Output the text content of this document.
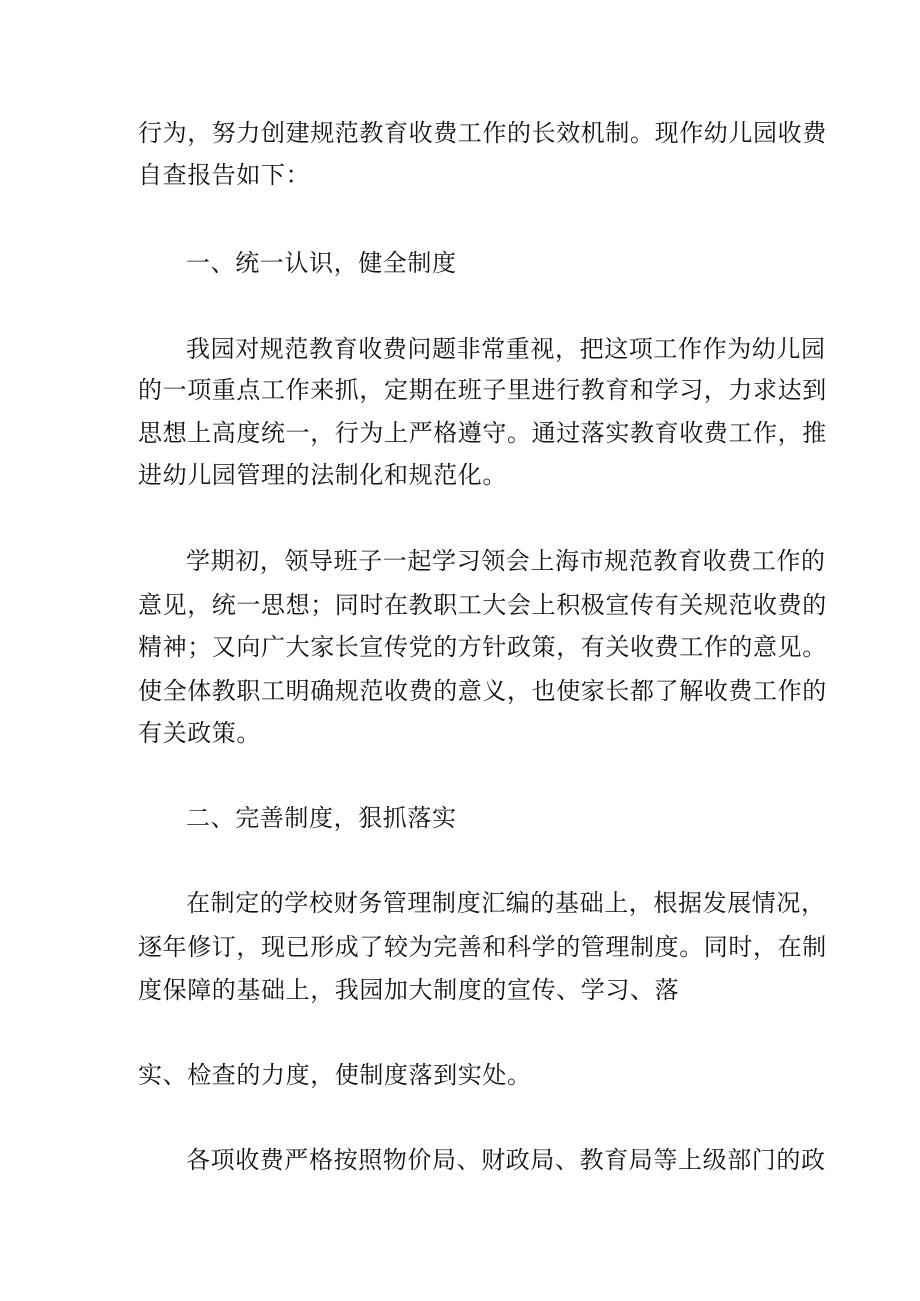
行为，努力创建规范教育收费工作的长效机制。现作幼儿园收费
自查报告如下：
一、统一认识，健全制度
我园对规范教育收费问题非常重视，把这项工作作为幼儿园
的一项重点工作来抓，定期在班子里进行教育和学习，力求达到
思想上高度统一，行为上严格遵守。通过落实教育收费工作，推
进幼儿园管理的法制化和规范化。
学期初，领导班子一起学习领会上海市规范教育收费工作的
意见，统一思想；同时在教职工大会上积极宣传有关规范收费的
精神；又向广大家长宣传党的方针政策，有关收费工作的意见。
使全体教职工明确规范收费的意义，也使家长都了解收费工作的
有关政策。
二、完善制度，狠抓落实
在制定的学校财务管理制度汇编的基础上，根据发展情况，
逐年修订，现已形成了较为完善和科学的管理制度。同时，在制
度保障的基础上，我园加大制度的宣传、学习、落
实、检查的力度，使制度落到实处。
各项收费严格按照物价局、财政局、教育局等上级部门的政
